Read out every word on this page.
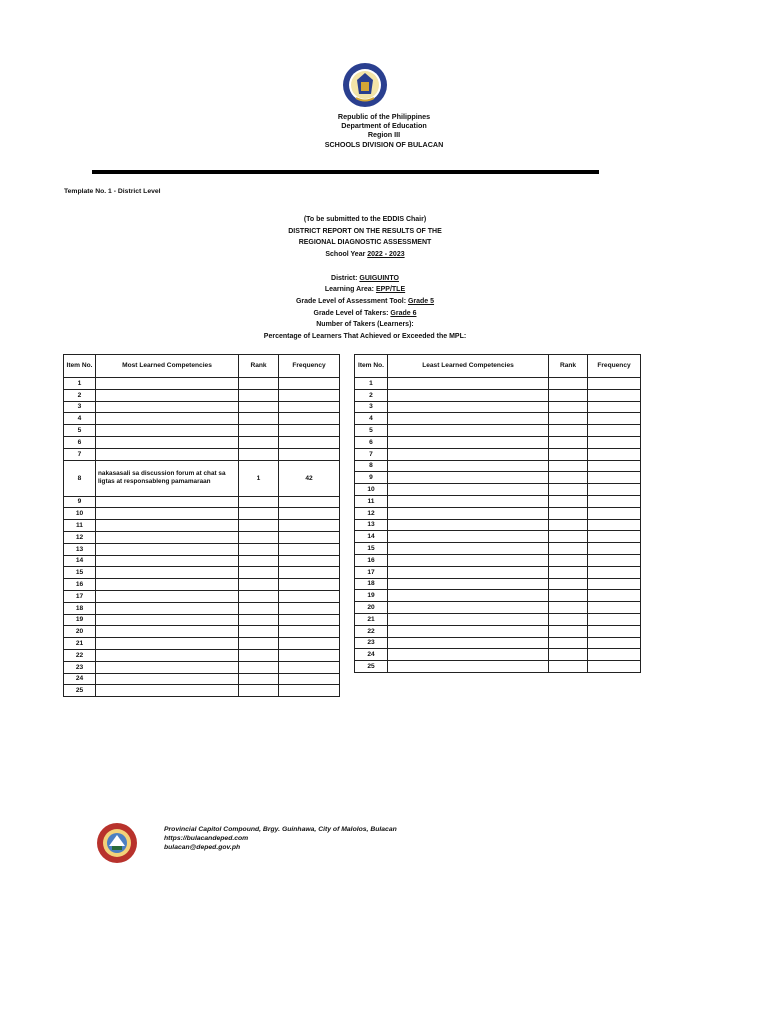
Republic of the Philippines
Department of Education
Region III
SCHOOLS DIVISION OF BULACAN
Template No. 1 - District Level
(To be submitted to the EDDIS Chair)
DISTRICT REPORT ON THE RESULTS OF THE
REGIONAL DIAGNOSTIC ASSESSMENT
School Year 2022 - 2023
District: GUIGUINTO
Learning Area: EPP/TLE
Grade Level of Assessment Tool: Grade 5
Grade Level of Takers: Grade 6
Number of Takers (Learners):
Percentage of Learners That Achieved or Exceeded the MPL:
Item No.	Most Learned Competencies	Rank	Frequency
1			
2			
3			
4			
5			
6			
7			
8	nakasasali sa discussion forum at chat sa ligtas at responsableng pamamaraan	1	42
9			
10			
11			
12			
13			
14			
15			
16			
17			
18			
19			
20			
21			
22			
23			
24			
25			
Item No.	Least Learned Competencies	Rank	Frequency
1			
2			
3			
4			
5			
6			
7			
8			
9			
10			
11			
12			
13			
14			
15			
16			
17			
18			
19			
20			
21			
22			
23			
24			
25			
Provincial Capitol Compound, Brgy. Guinhawa, City of Malolos, Bulacan
https://bulacandeped.com
bulacan@deped.gov.ph
